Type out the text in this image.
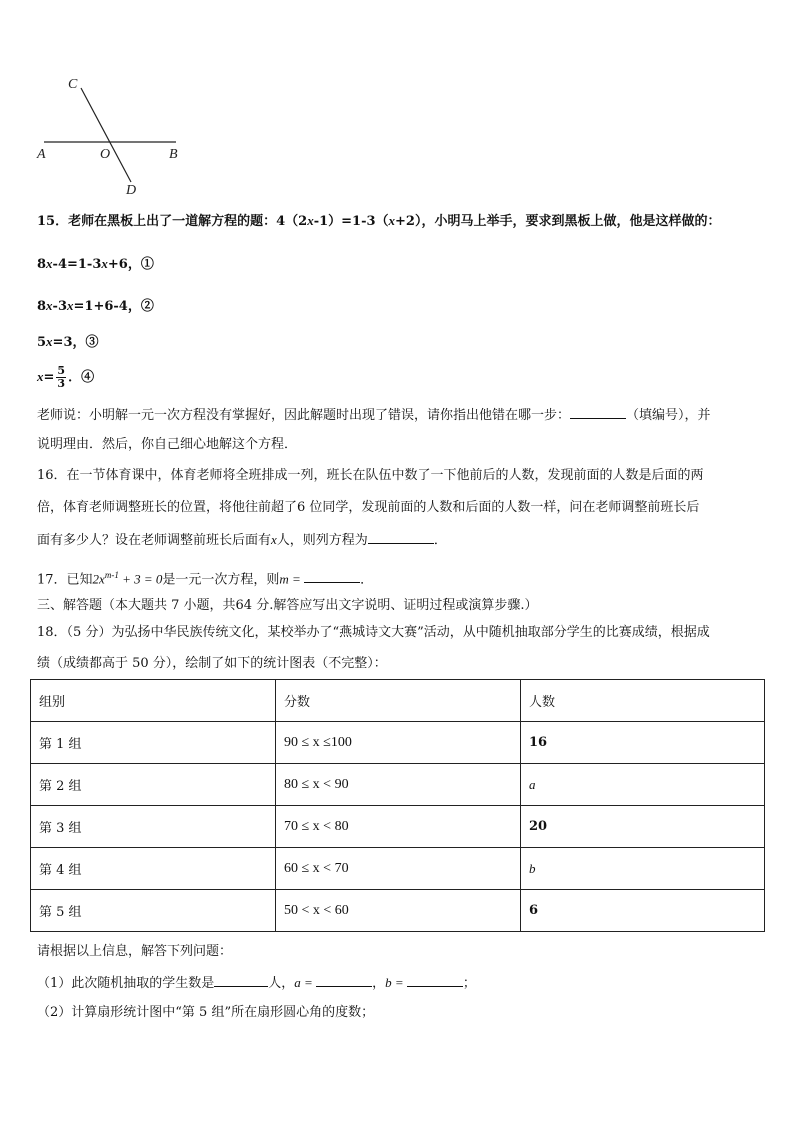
C
A	O	B
D
15．老师在黑板上出了一道解方程的题：4（2x-1）=1-3（x+2），小明马上举手，要求到黑板上做，他是这样做的：
8x-4=1-3x+6，①
8x-3x=1+6-4，②
5x=3，③
$x= \frac{5}{3}$ ．④
老师说：小明解一元一次方程没有掌握好，因此解题时出现了错误，请你指出他错在哪一步：	（填编号），并
说明理由．然后，你自己细心地解这个方程．
16．在一节体育课中，体育老师将全班排成一列，班长在队伍中数了一下他前后的人数，发现前面的人数是后面的两
倍，体育老师调整班长的位置，将他往前超了6 位同学，发现前面的人数和后面的人数一样，问在老师调整前班长后
面有多少人？设在老师调整前班长后面有x人，则列方程为	．
17．已知$2x^{m-1} + 3 = 0$是一元一次方程，则m =	．
三、解答题（本大题共 7 小题，共64 分.解答应写出文字说明、证明过程或演算步骤.）
18．（5 分）为弘扬中华民族传统文化，某校举办了“燕城诗文大赛”活动，从中随机抽取部分学生的比赛成绩，根据成
绩（成绩都高于 50 分），绘制了如下的统计图表（不完整）：
组别	分数	人数
第 1 组	90 ≤ x ≤100	16
第 2 组	80 ≤ x < 90	a
第 3 组	70 ≤ x < 80	20
第 4 组	60 ≤ x < 70	b
第 5 组	50 < x < 60	6
请根据以上信息，解答下列问题：
（1）此次随机抽取的学生数是	人，a =	，b =	；
（2）计算扇形统计图中“第 5 组”所在扇形圆心角的度数；
